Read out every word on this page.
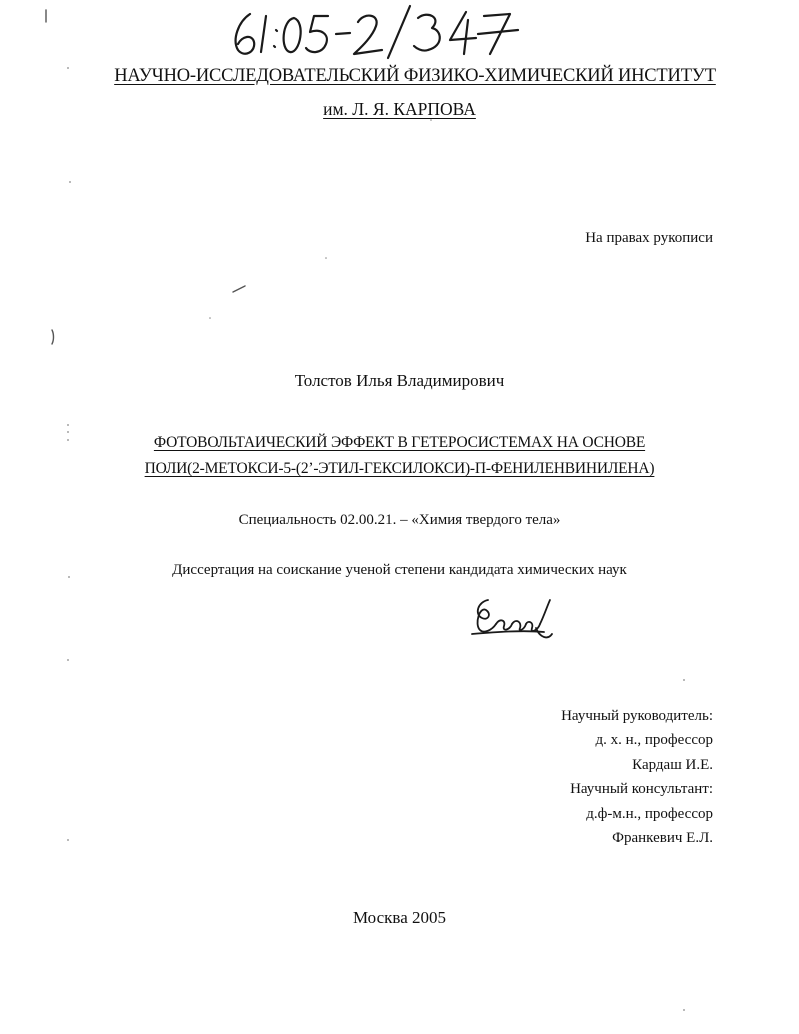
НАУЧНО-ИССЛЕДОВАТЕЛЬСКИЙ ФИЗИКО-ХИМИЧЕСКИЙ ИНСТИТУТ
им. Л. Я. КАРПОВА
На правах рукописи
Толстов Илья Владимирович
ФОТОВОЛЬТАИЧЕСКИЙ ЭФФЕКТ В ГЕТЕРОСИСТЕМАХ НА ОСНОВЕ
ПОЛИ(2-МЕТОКСИ-5-(2’-ЭТИЛ-ГЕКСИЛОКСИ)-П-ФЕНИЛЕНВИНИЛЕНА)
Специальность 02.00.21. – «Химия твердого тела»
Диссертация на соискание ученой степени кандидата химических наук
Научный руководитель:
д. х. н., профессор
Кардаш И.Е.
Научный консультант:
д.ф-м.н., профессор
Франкевич Е.Л.
Москва 2005
